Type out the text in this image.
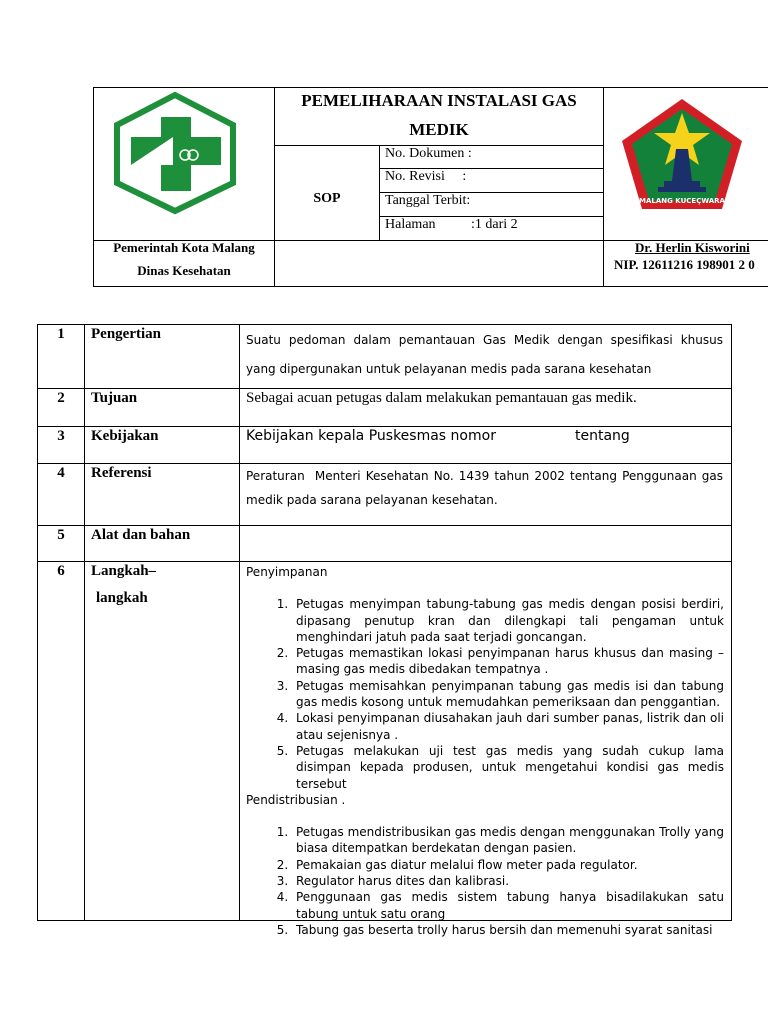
PEMELIHARAAN INSTALASI GAS MEDIK
SOP
No. Dokumen :
No. Revisi     :
Tanggal Terbit:
Halaman	:1 dari 2
Pemerintah Kota Malang
Dinas Kesehatan
Dr. Herlin Kisworini
NIP. 12611216 198901 2 0
MALANG KUCEÇWARA
1	Pengertian	Suatu pedoman dalam pemantauan Gas Medik dengan spesifikasi khusus yang dipergunakan untuk pelayanan medis pada sarana kesehatan
2	Tujuan	Sebagai acuan petugas dalam melakukan pemantauan gas medik.
3	Kebijakan	Kebijakan kepala Puskesmas nomor	tentang
4	Referensi	Peraturan  Menteri Kesehatan No. 1439 tahun 2002 tentang Penggunaan gas medik pada sarana pelayanan kesehatan.
5	Alat dan bahan
6	Langkah–
langkah
Penyimpanan
1. Petugas menyimpan tabung-tabung gas medis dengan posisi berdiri, dipasang penutup kran dan dilengkapi tali pengaman untuk menghindari jatuh pada saat terjadi goncangan.
2. Petugas memastikan lokasi penyimpanan harus khusus dan masing – masing gas medis dibedakan tempatnya .
3. Petugas memisahkan penyimpanan tabung gas medis isi dan tabung gas medis kosong untuk memudahkan pemeriksaan dan penggantian.
4. Lokasi penyimpanan diusahakan jauh dari sumber panas, listrik dan oli atau sejenisnya .
5. Petugas melakukan uji test gas medis yang sudah cukup lama disimpan kepada produsen, untuk mengetahui kondisi gas medis tersebut
Pendistribusian .
1. Petugas mendistribusikan gas medis dengan menggunakan Trolly yang biasa ditempatkan berdekatan dengan pasien.
2. Pemakaian gas diatur melalui flow meter pada regulator.
3. Regulator harus dites dan kalibrasi.
4. Penggunaan gas medis sistem tabung hanya bisadilakukan satu tabung untuk satu orang
5. Tabung gas beserta trolly harus bersih dan memenuhi syarat sanitasi
